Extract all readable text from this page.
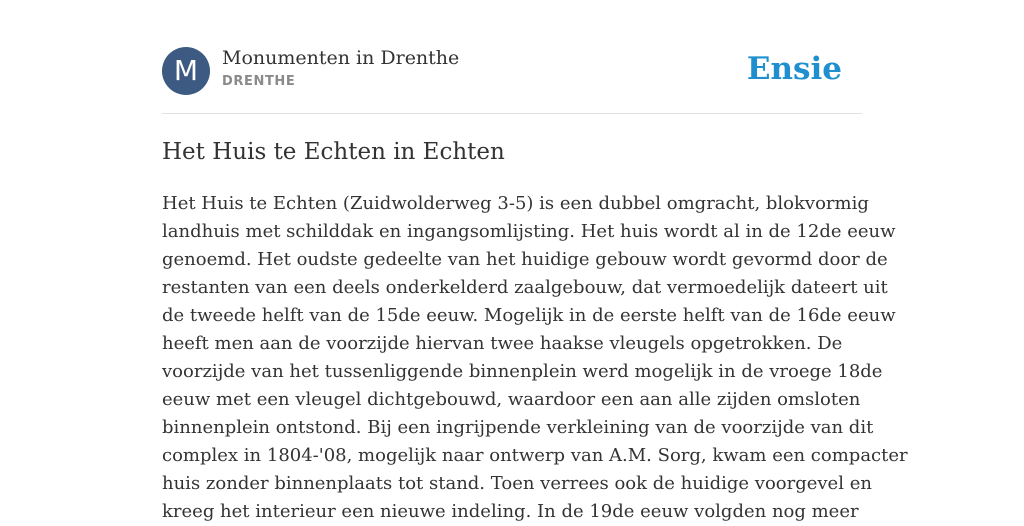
M	Monumenten in Drenthe
DRENTHE	Ensie
Het Huis te Echten in Echten
Het Huis te Echten (Zuidwolderweg 3-5) is een dubbel omgracht, blokvormig
landhuis met schilddak en ingangsomlijsting. Het huis wordt al in de 12de eeuw
genoemd. Het oudste gedeelte van het huidige gebouw wordt gevormd door de
restanten van een deels onderkelderd zaalgebouw, dat vermoedelijk dateert uit
de tweede helft van de 15de eeuw. Mogelijk in de eerste helft van de 16de eeuw
heeft men aan de voorzijde hiervan twee haakse vleugels opgetrokken. De
voorzijde van het tussenliggende binnenplein werd mogelijk in de vroege 18de
eeuw met een vleugel dichtgebouwd, waardoor een aan alle zijden omsloten
binnenplein ontstond. Bij een ingrijpende verkleining van de voorzijde van dit
complex in 1804-'08, mogelijk naar ontwerp van A.M. Sorg, kwam een compacter
huis zonder binnenplaats tot stand. Toen verrees ook de huidige voorgevel en
kreeg het interieur een nieuwe indeling. In de 19de eeuw volgden nog meer
